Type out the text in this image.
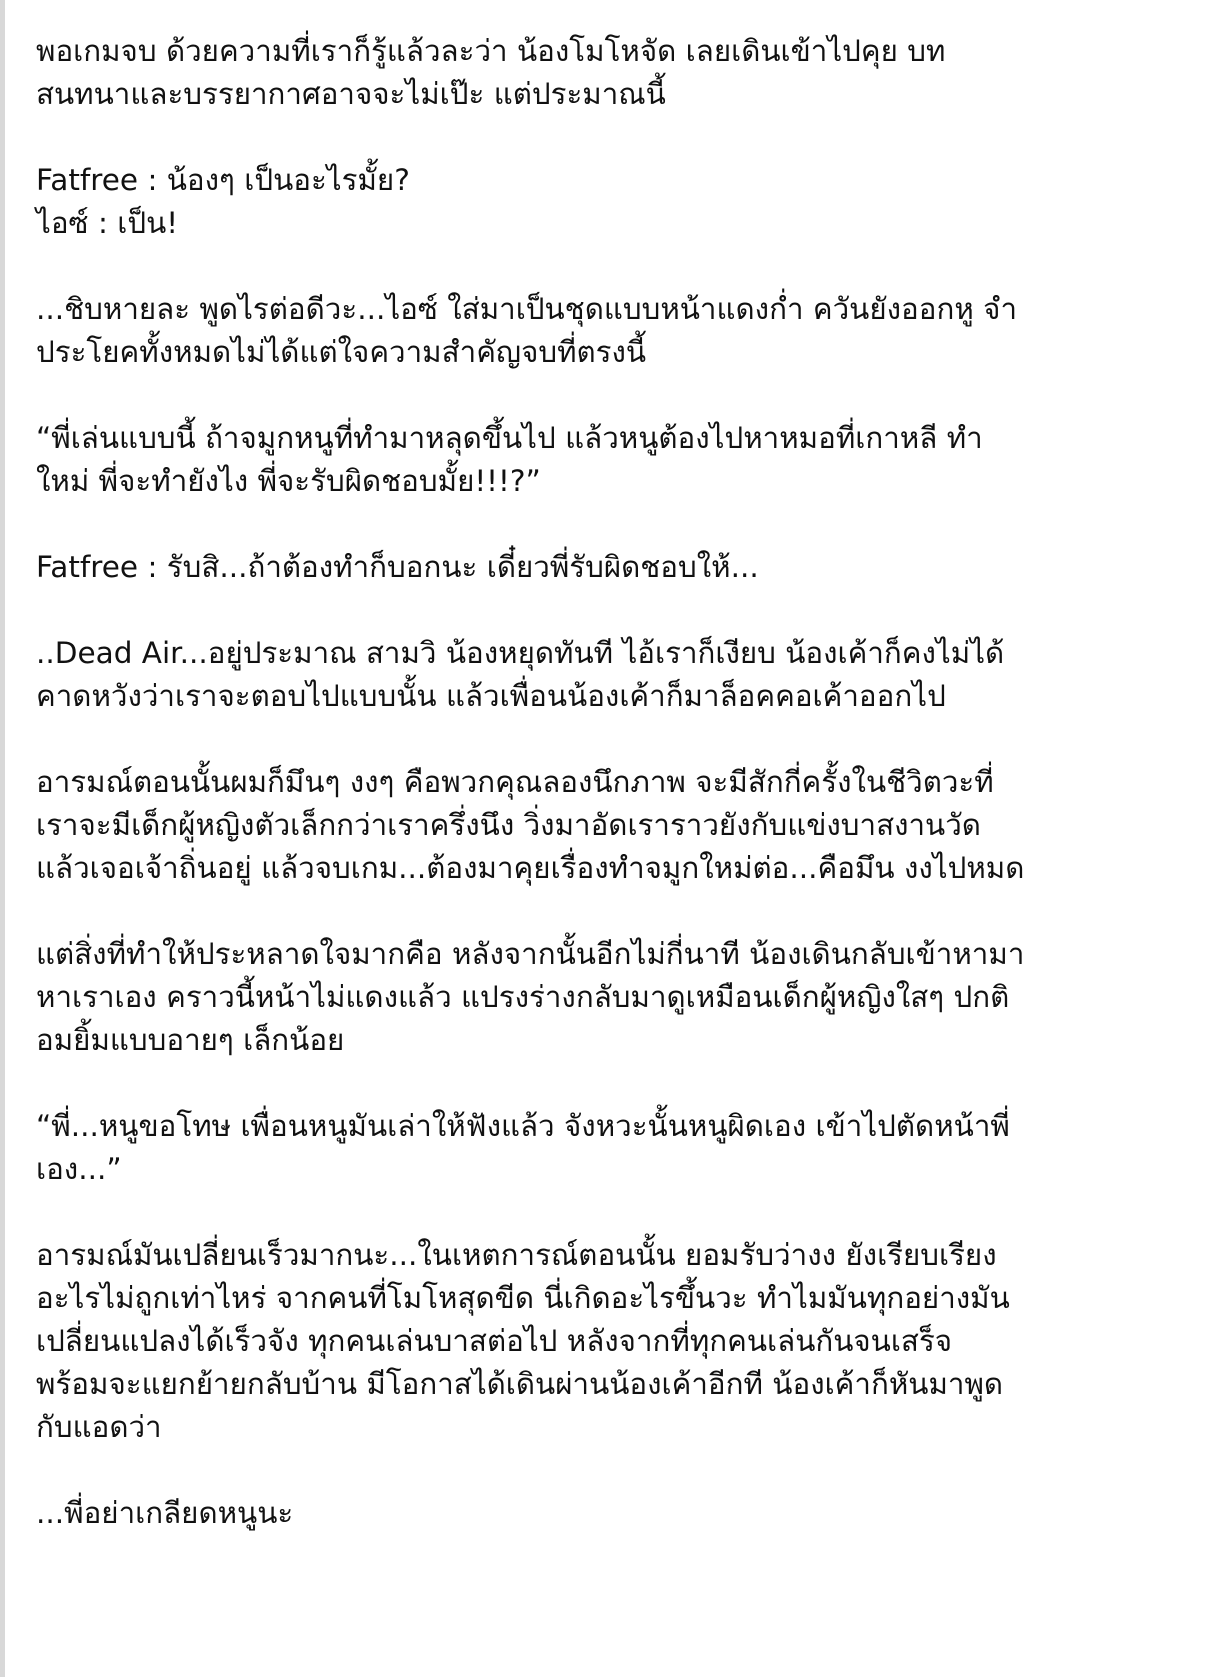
พอเกมจบ ด้วยความที่เราก็รู้แล้วละว่า น้องโมโหจัด เลยเดินเข้าไปคุย บท
สนทนาและบรรยากาศอาจจะไม่เป๊ะ แต่ประมาณนี้

Fatfree : น้องๆ เป็นอะไรมั้ย?
ไอซ์ : เป็น!

...ชิบหายละ พูดไรต่อดีวะ...ไอซ์ ใส่มาเป็นชุดแบบหน้าแดงก่ำ ควันยังออกหู จำ
ประโยคทั้งหมดไม่ได้แต่ใจความสำคัญจบที่ตรงนี้

“พี่เล่นแบบนี้ ถ้าจมูกหนูที่ทำมาหลุดขึ้นไป แล้วหนูต้องไปหาหมอที่เกาหลี ทำ
ใหม่ พี่จะทำยังไง พี่จะรับผิดชอบมั้ย!!!?”

Fatfree : รับสิ...ถ้าต้องทำก็บอกนะ เดี๋ยวพี่รับผิดชอบให้...

..Dead Air...อยู่ประมาณ สามวิ น้องหยุดทันที ไอ้เราก็เงียบ น้องเค้าก็คงไม่ได้
คาดหวังว่าเราจะตอบไปแบบนั้น แล้วเพื่อนน้องเค้าก็มาล็อคคอเค้าออกไป

อารมณ์ตอนนั้นผมก็มึนๆ งงๆ คือพวกคุณลองนึกภาพ จะมีสักกี่ครั้งในชีวิตวะที่
เราจะมีเด็กผู้หญิงตัวเล็กกว่าเราครึ่งนึง วิ่งมาอัดเราราวยังกับแข่งบาสงานวัด
แล้วเจอเจ้าถิ่นอยู่ แล้วจบเกม...ต้องมาคุยเรื่องทำจมูกใหม่ต่อ...คือมึน งงไปหมด

แต่สิ่งที่ทำให้ประหลาดใจมากคือ หลังจากนั้นอีกไม่กี่นาที น้องเดินกลับเข้าหามา
หาเราเอง คราวนี้หน้าไม่แดงแล้ว แปรงร่างกลับมาดูเหมือนเด็กผู้หญิงใสๆ ปกติ
อมยิ้มแบบอายๆ เล็กน้อย

“พี่...หนูขอโทษ เพื่อนหนูมันเล่าให้ฟังแล้ว จังหวะนั้นหนูผิดเอง เข้าไปตัดหน้าพี่
เอง...”

อารมณ์มันเปลี่ยนเร็วมากนะ...ในเหตการณ์ตอนนั้น ยอมรับว่างง ยังเรียบเรียง
อะไรไม่ถูกเท่าไหร่ จากคนที่โมโหสุดขีด นี่เกิดอะไรขึ้นวะ ทำไมมันทุกอย่างมัน
เปลี่ยนแปลงได้เร็วจัง ทุกคนเล่นบาสต่อไป หลังจากที่ทุกคนเล่นกันจนเสร็จ
พร้อมจะแยกย้ายกลับบ้าน มีโอกาสได้เดินผ่านน้องเค้าอีกที น้องเค้าก็หันมาพูด
กับแอดว่า

...พี่อย่าเกลียดหนูนะ
